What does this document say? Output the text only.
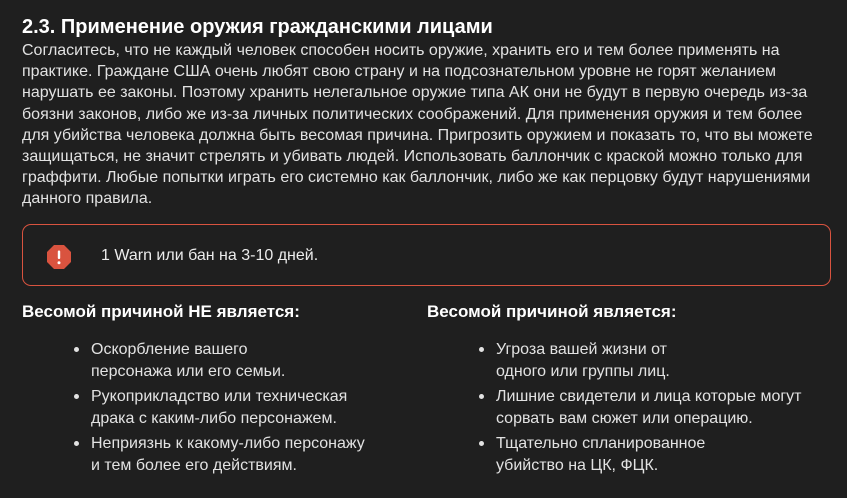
2.3. Применение оружия гражданскими лицами

Согласитесь, что не каждый человек способен носить оружие, хранить его и тем более применять на практике. Граждане США очень любят свою страну и на подсознательном уровне не горят желанием нарушать ее законы. Поэтому хранить нелегальное оружие типа АК они не будут в первую очередь из-за боязни законов, либо же из-за личных политических соображений. Для применения оружия и тем более для убийства человека должна быть весомая причина. Пригрозить оружием и показать то, что вы можете защищаться, не значит стрелять и убивать людей. Использовать баллончик с краской можно только для граффити. Любые попытки играть его системно как баллончик, либо же как перцовку будут нарушениями данного правила.

1 Warn или бан на 3-10 дней.
Весомой причиной НЕ является:
Оскорбление вашего
персонажа или его семьи.
Рукоприкладство или техническая
драка с каким-либо персонажем.
Неприязнь к какому-либо персонажу
и тем более его действиям.
Весомой причиной является:
Угроза вашей жизни от
одного или группы лиц.
Лишние свидетели и лица которые могут
сорвать вам сюжет или операцию.
Тщательно спланированное
убийство на ЦК, ФЦК.
